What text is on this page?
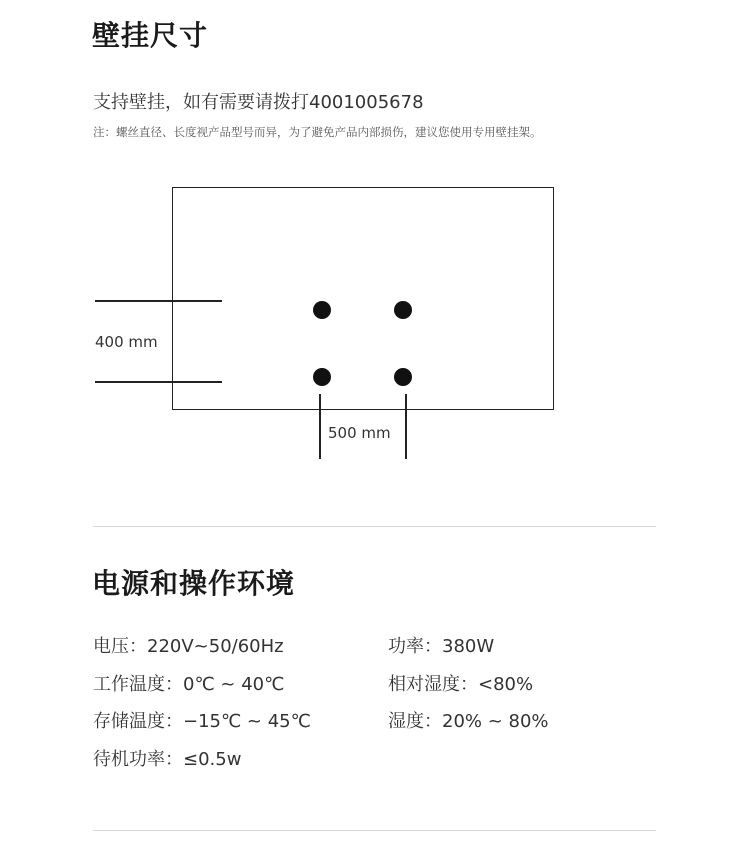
壁挂尺寸
支持壁挂，如有需要请拨打4001005678
注：螺丝直径、长度视产品型号而异，为了避免产品内部损伤，建议您使用专用壁挂架。
400 mm
500 mm
电源和操作环境
电压：220V~50/60Hz	功率：380W
工作温度：0℃ ~ 40℃	相对湿度：<80%
存储温度：−15℃ ~ 45℃	湿度：20% ~ 80%
待机功率：≤0.5w
